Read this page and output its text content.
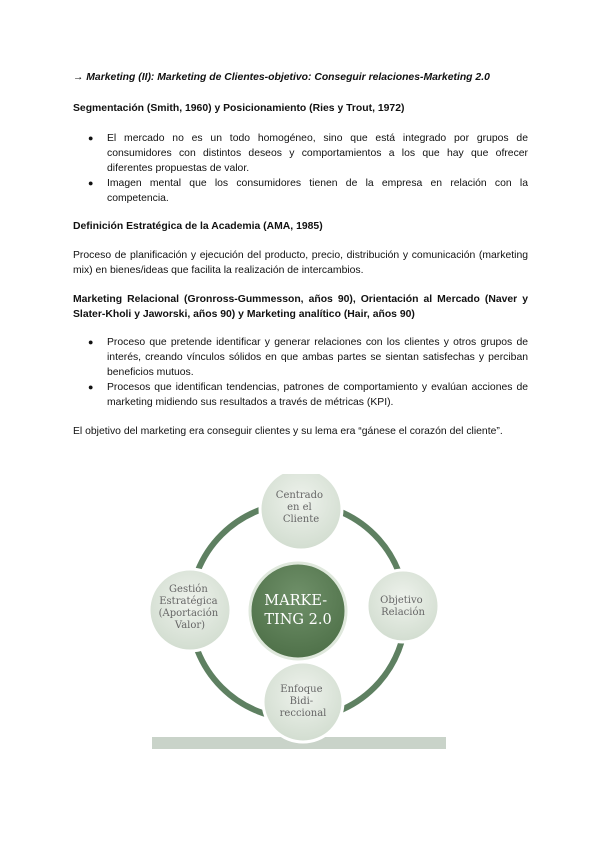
→ Marketing (II): Marketing de Clientes-objetivo: Conseguir relaciones-Marketing 2.0

Segmentación (Smith, 1960) y Posicionamiento (Ries y Trout, 1972)

● El mercado no es un todo homogéneo, sino que está integrado por grupos de consumidores con distintos deseos y comportamientos a los que hay que ofrecer diferentes propuestas de valor.
● Imagen mental que los consumidores tienen de la empresa en relación con la competencia.

Definición Estratégica de la Academia (AMA, 1985)

Proceso de planificación y ejecución del producto, precio, distribución y comunicación (marketing mix) en bienes/ideas que facilita la realización de intercambios.

Marketing Relacional (Gronross-Gummesson, años 90), Orientación al Mercado (Naver y Slater-Kholi y Jaworski, años 90) y Marketing analítico (Hair, años 90)

● Proceso que pretende identificar y generar relaciones con los clientes y otros grupos de interés, creando vínculos sólidos en que ambas partes se sientan satisfechas y perciban beneficios mutuos.
● Procesos que identifican tendencias, patrones de comportamiento y evalúan acciones de marketing midiendo sus resultados a través de métricas (KPI).

El objetivo del marketing era conseguir clientes y su lema era “gánese el corazón del cliente”.

MARKE- TING 2.0
Centrado en el Cliente
Objetivo Relación
Enfoque Bidi- reccional
Gestión Estratégica (Aportación Valor)
